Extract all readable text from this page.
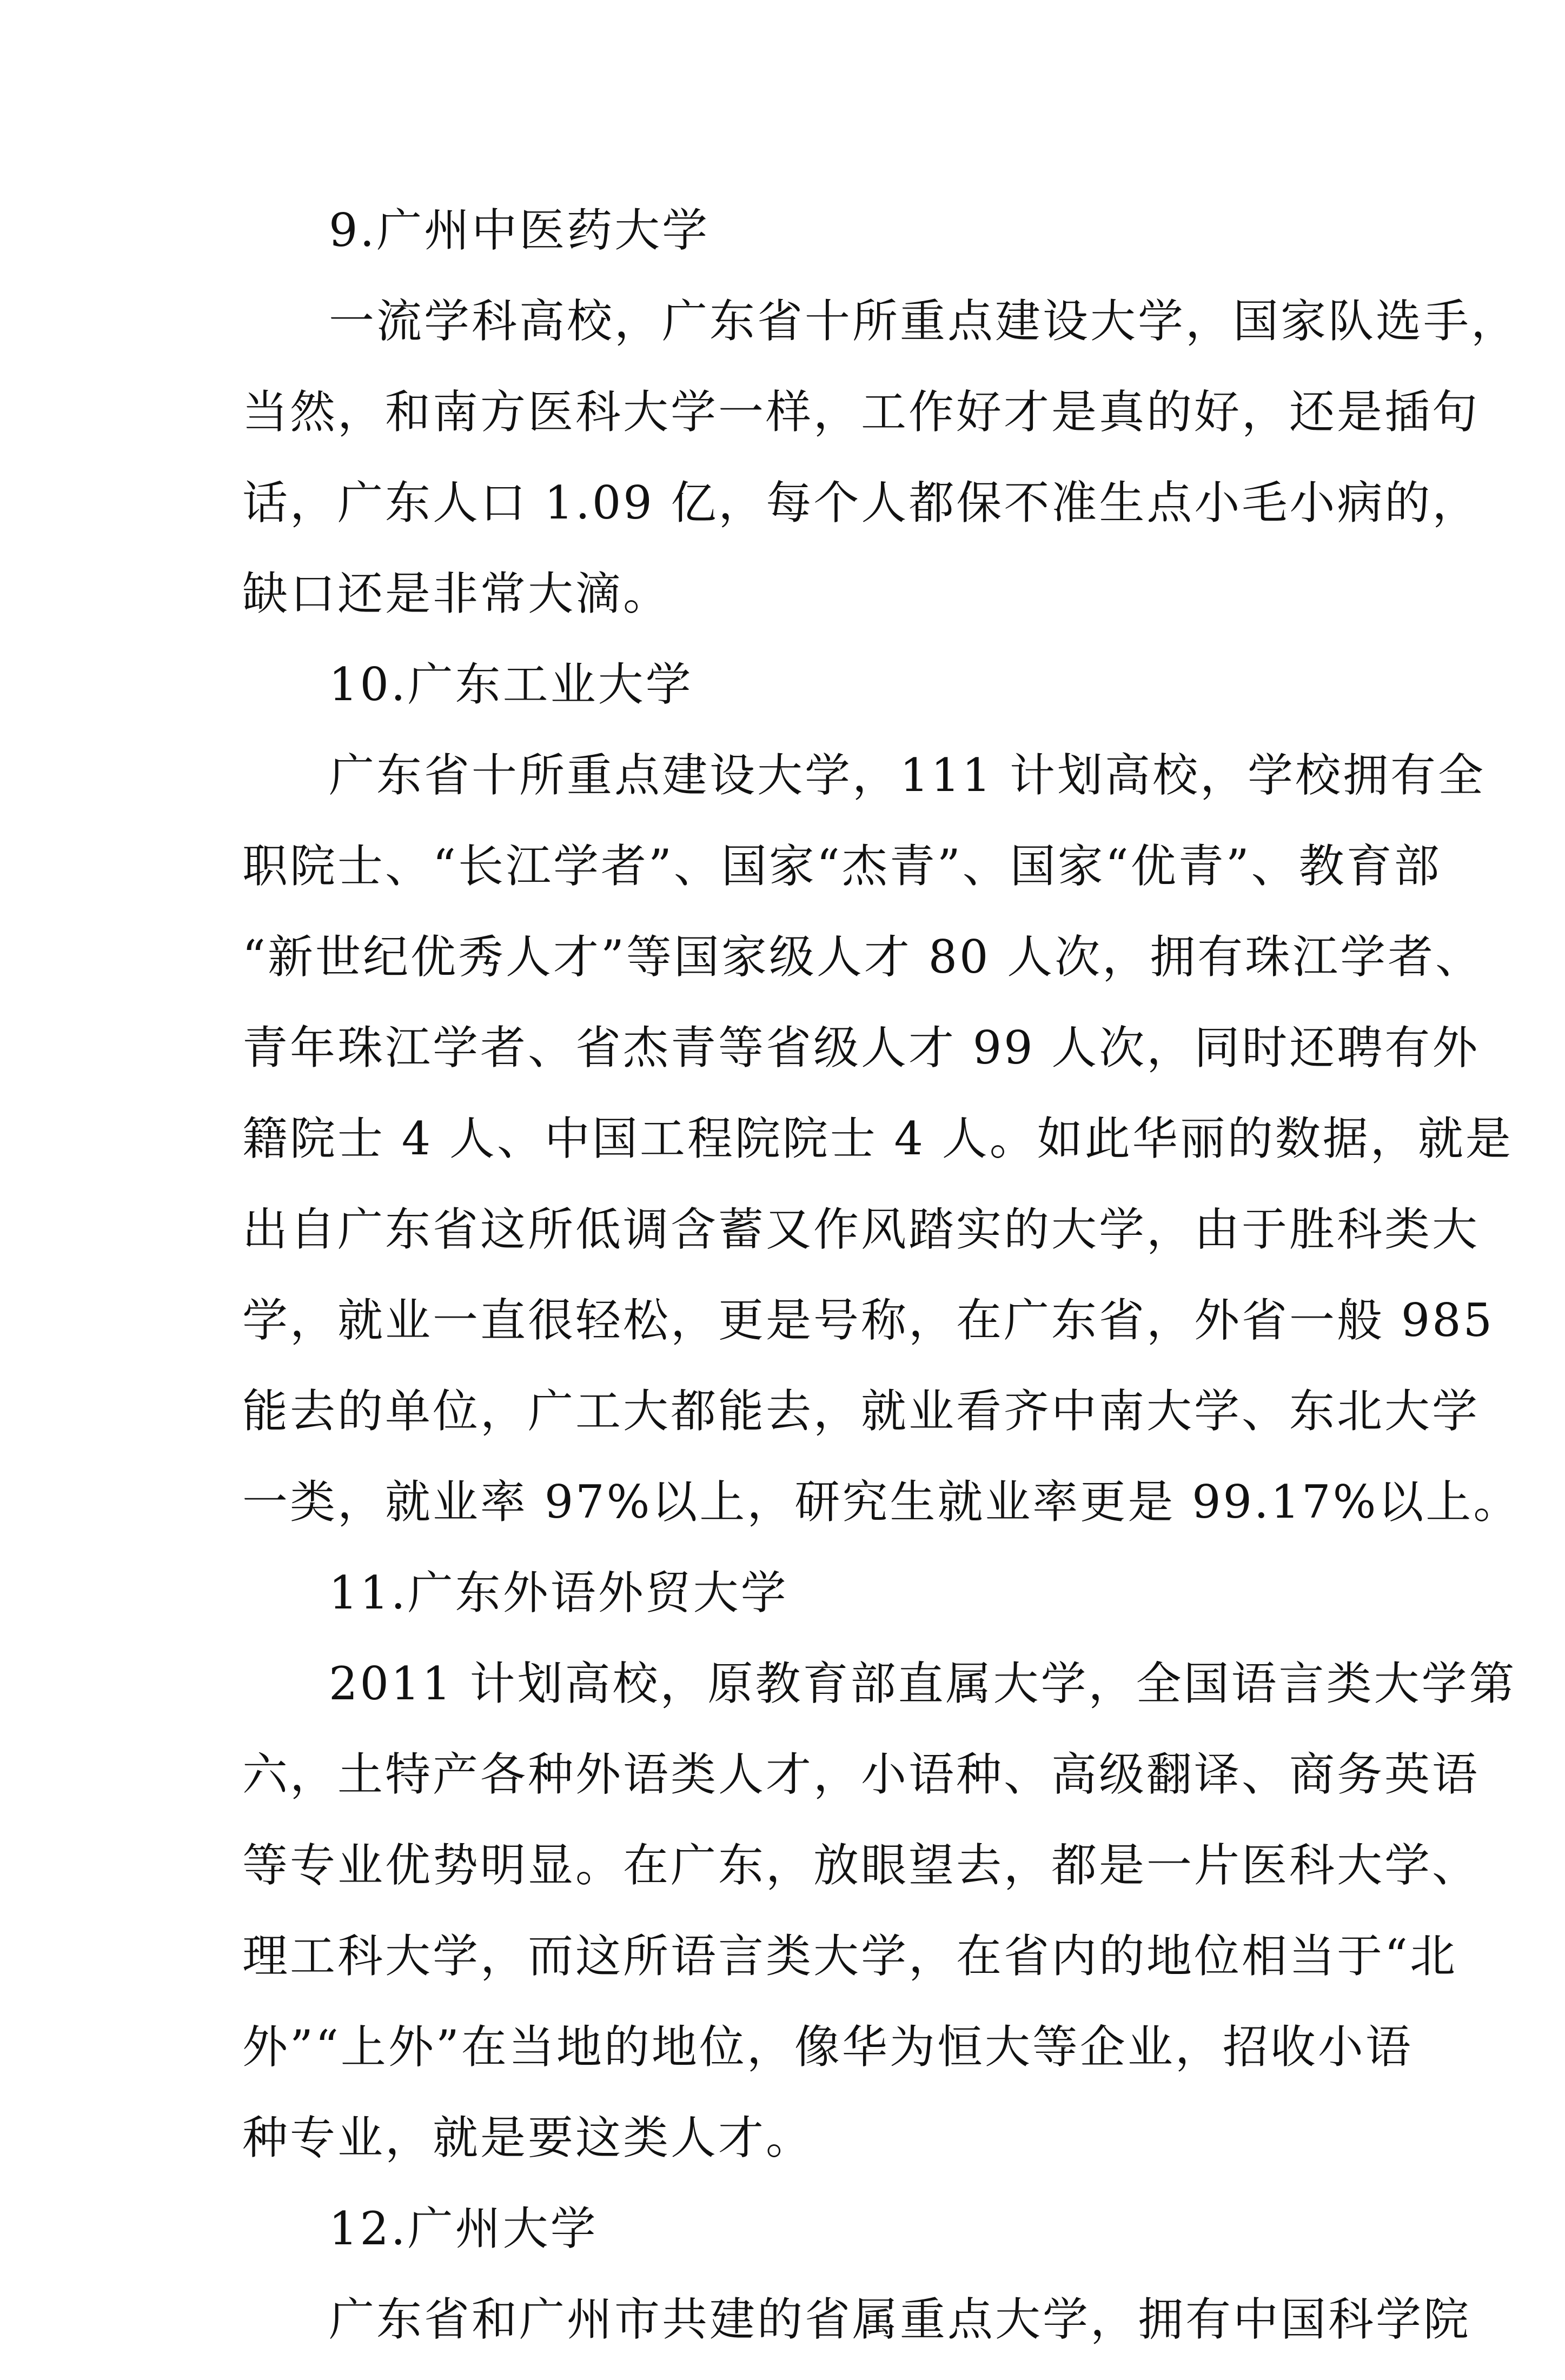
9.广州中医药大学
一流学科高校，广东省十所重点建设大学，国家队选手，
当然，和南方医科大学一样，工作好才是真的好，还是插句
话，广东人口 1.09 亿，每个人都保不准生点小毛小病的，
缺口还是非常大滴。
10.广东工业大学
广东省十所重点建设大学，111 计划高校，学校拥有全
职院士、“长江学者”、国家“杰青”、国家“优青”、教育部
“新世纪优秀人才”等国家级人才 80 人次，拥有珠江学者、
青年珠江学者、省杰青等省级人才 99 人次，同时还聘有外
籍院士 4 人、中国工程院院士 4 人。如此华丽的数据，就是
出自广东省这所低调含蓄又作风踏实的大学，由于胜科类大
学，就业一直很轻松，更是号称，在广东省，外省一般 985
能去的单位，广工大都能去，就业看齐中南大学、东北大学
一类，就业率 97%以上，研究生就业率更是 99.17%以上。
11.广东外语外贸大学
2011 计划高校，原教育部直属大学，全国语言类大学第
六，土特产各种外语类人才，小语种、高级翻译、商务英语
等专业优势明显。在广东，放眼望去，都是一片医科大学、
理工科大学，而这所语言类大学，在省内的地位相当于“北
外”“上外”在当地的地位，像华为恒大等企业，招收小语
种专业，就是要这类人才。
12.广州大学
广东省和广州市共建的省属重点大学，拥有中国科学院
